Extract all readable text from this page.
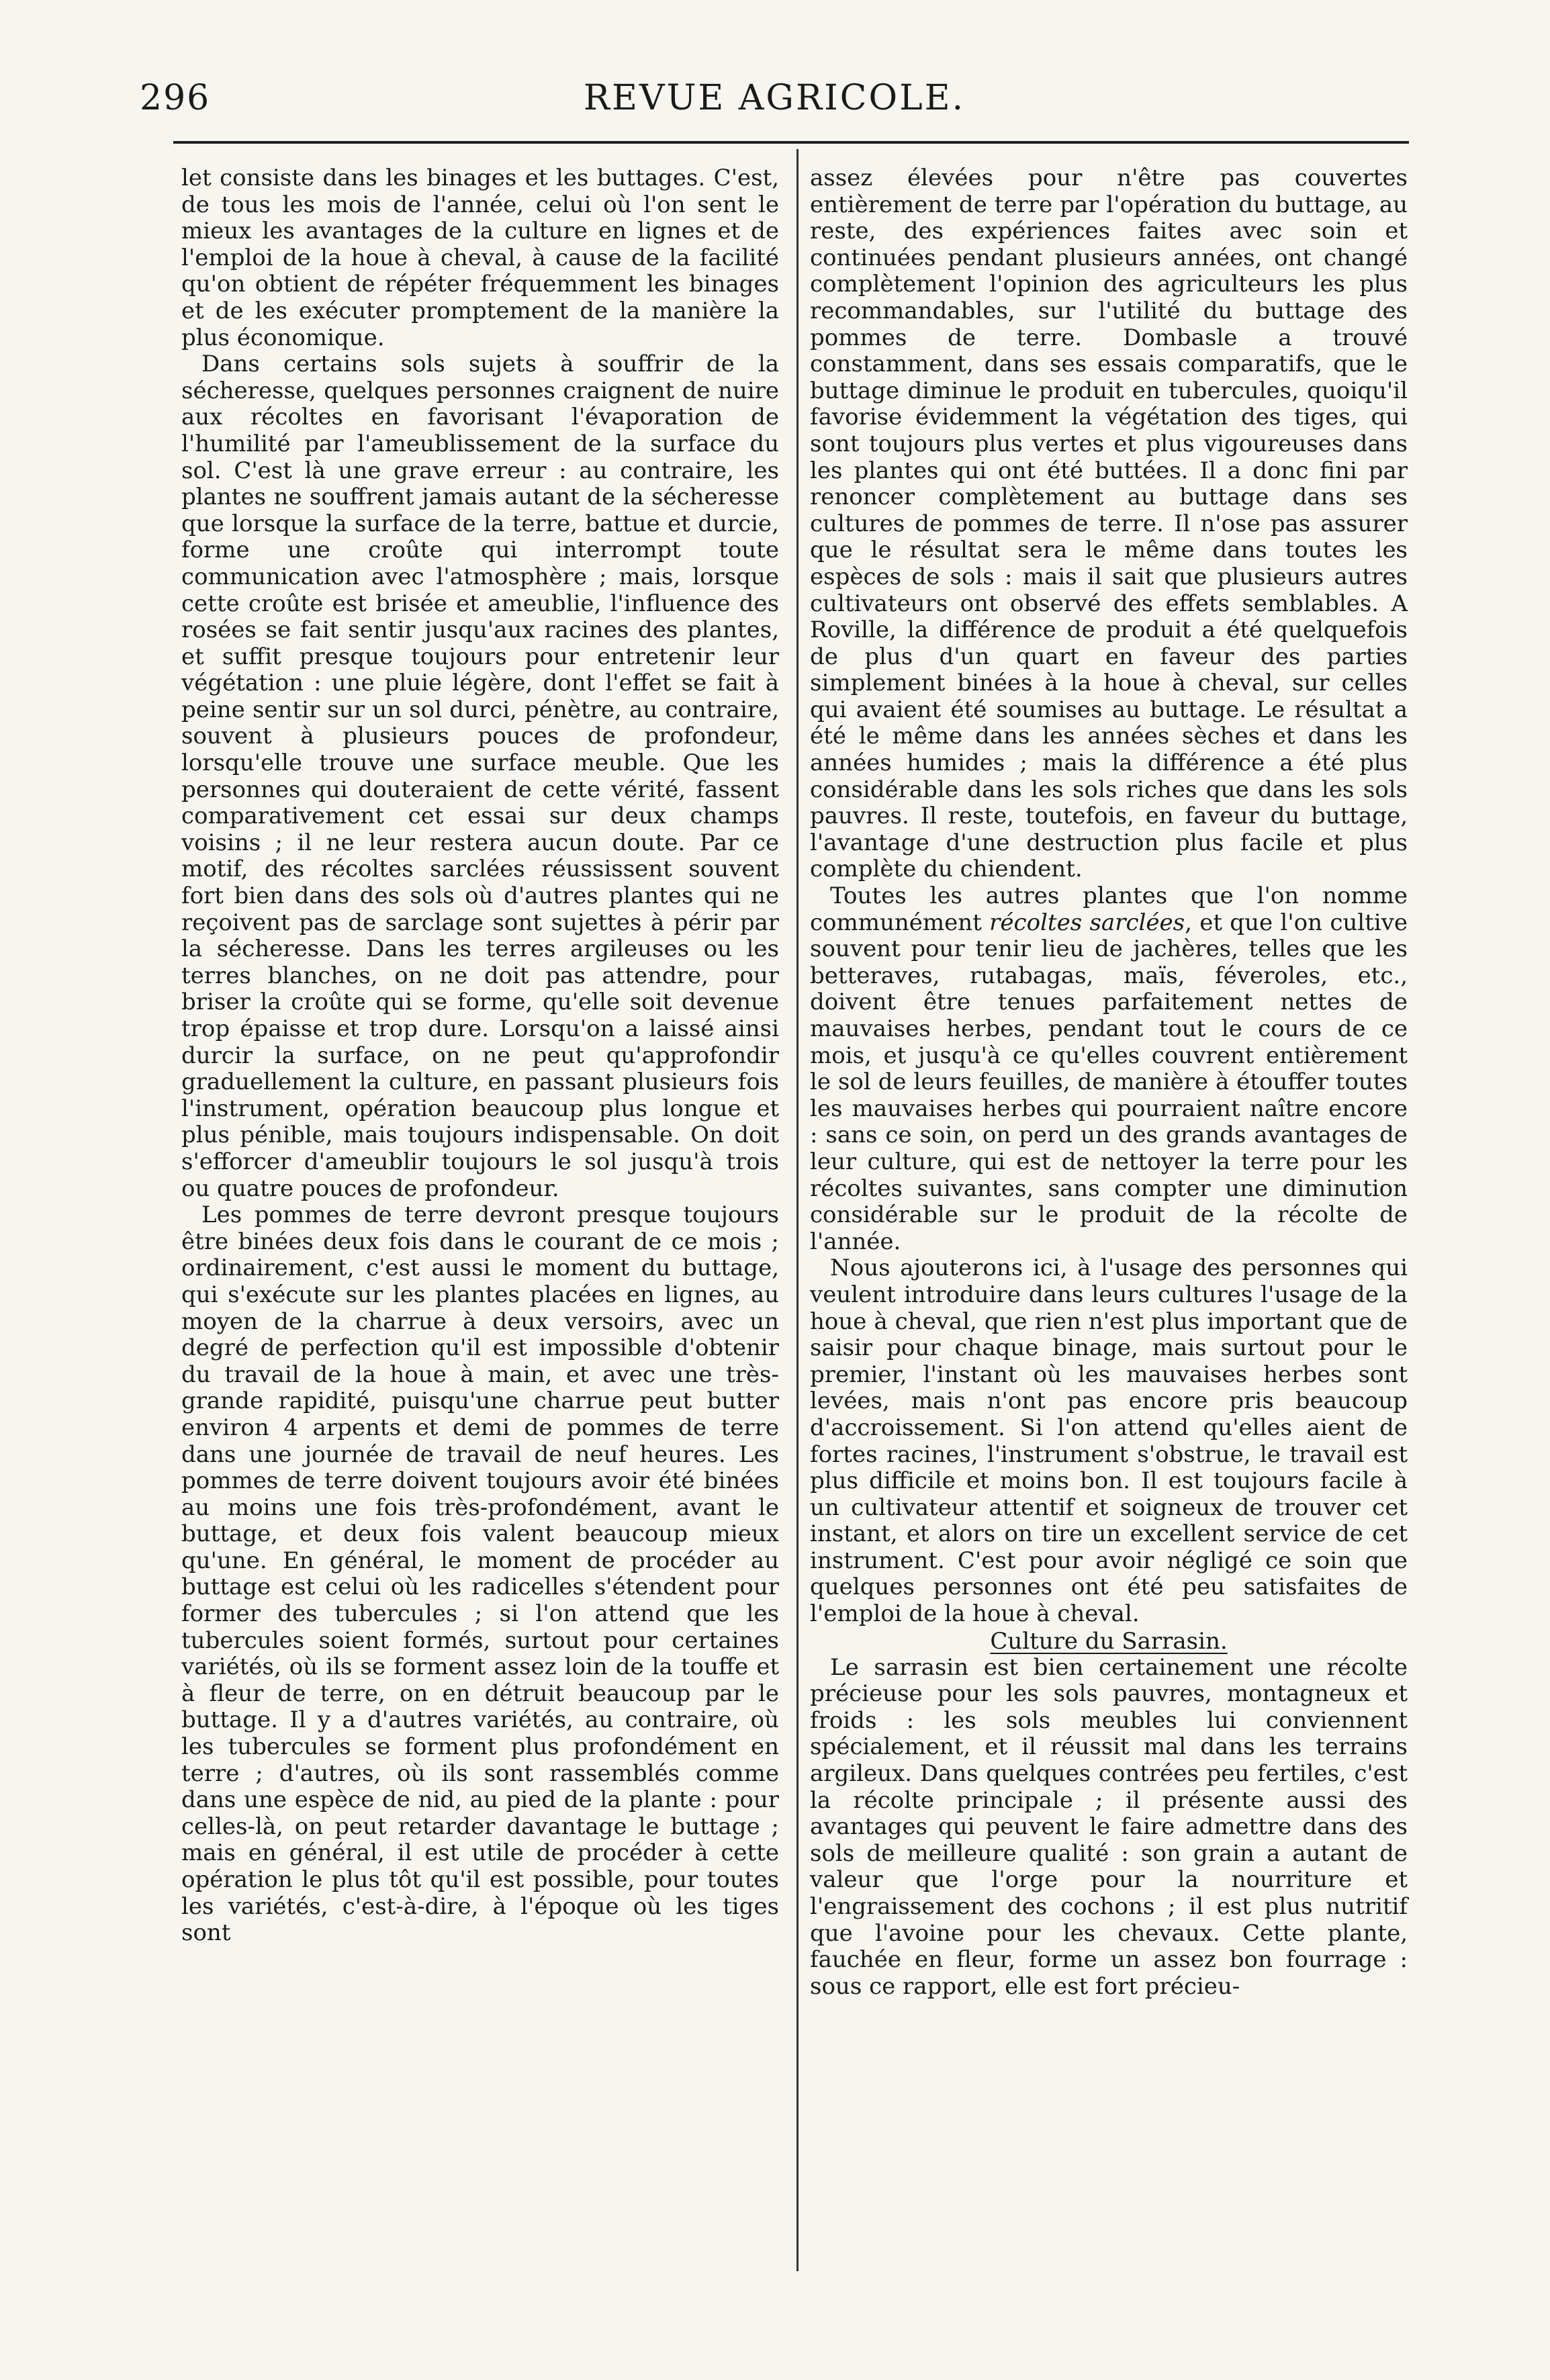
296	REVUE AGRICOLE.

let consiste dans les binages et les buttages. C'est, de tous les mois de l'année, celui où l'on sent le mieux les avantages de la culture en lignes et de l'emploi de la houe à cheval, à cause de la facilité qu'on obtient de répéter fréquemment les binages et de les exécuter promptement de la manière la plus économique.

Dans certains sols sujets à souffrir de la sécheresse, quelques personnes craignent de nuire aux récoltes en favorisant l'évaporation de l'humilité par l'ameublissement de la surface du sol. C'est là une grave erreur : au contraire, les plantes ne souffrent jamais autant de la sécheresse que lorsque la surface de la terre, battue et durcie, forme une croûte qui interrompt toute communication avec l'atmosphère ; mais, lorsque cette croûte est brisée et ameublie, l'influence des rosées se fait sentir jusqu'aux racines des plantes, et suffit presque toujours pour entretenir leur végétation : une pluie légère, dont l'effet se fait à peine sentir sur un sol durci, pénètre, au contraire, souvent à plusieurs pouces de profondeur, lorsqu'elle trouve une surface meuble. Que les personnes qui douteraient de cette vérité, fassent comparativement cet essai sur deux champs voisins ; il ne leur restera aucun doute. Par ce motif, des récoltes sarclées réussissent souvent fort bien dans des sols où d'autres plantes qui ne reçoivent pas de sarclage sont sujettes à périr par la sécheresse. Dans les terres argileuses ou les terres blanches, on ne doit pas attendre, pour briser la croûte qui se forme, qu'elle soit devenue trop épaisse et trop dure. Lorsqu'on a laissé ainsi durcir la surface, on ne peut qu'approfondir graduellement la culture, en passant plusieurs fois l'instrument, opération beaucoup plus longue et plus pénible, mais toujours indispensable. On doit s'efforcer d'ameublir toujours le sol jusqu'à trois ou quatre pouces de profondeur.

Les pommes de terre devront presque toujours être binées deux fois dans le courant de ce mois ; ordinairement, c'est aussi le moment du buttage, qui s'exécute sur les plantes placées en lignes, au moyen de la charrue à deux versoirs, avec un degré de perfection qu'il est impossible d'obtenir du travail de la houe à main, et avec une très-grande rapidité, puisqu'une charrue peut butter environ 4 arpents et demi de pommes de terre dans une journée de travail de neuf heures. Les pommes de terre doivent toujours avoir été binées au moins une fois très-profondément, avant le buttage, et deux fois valent beaucoup mieux qu'une. En général, le moment de procéder au buttage est celui où les radicelles s'étendent pour former des tubercules ; si l'on attend que les tubercules soient formés, surtout pour certaines variétés, où ils se forment assez loin de la touffe et à fleur de terre, on en détruit beaucoup par le buttage. Il y a d'autres variétés, au contraire, où les tubercules se forment plus profondément en terre ; d'autres, où ils sont rassemblés comme dans une espèce de nid, au pied de la plante : pour celles-là, on peut retarder davantage le buttage ; mais en général, il est utile de procéder à cette opération le plus tôt qu'il est possible, pour toutes les variétés, c'est-à-dire, à l'époque où les tiges sont

assez élevées pour n'être pas couvertes entièrement de terre par l'opération du buttage, au reste, des expériences faites avec soin et continuées pendant plusieurs années, ont changé complètement l'opinion des agriculteurs les plus recommandables, sur l'utilité du buttage des pommes de terre. Dombasle a trouvé constamment, dans ses essais comparatifs, que le buttage diminue le produit en tubercules, quoiqu'il favorise évidemment la végétation des tiges, qui sont toujours plus vertes et plus vigoureuses dans les plantes qui ont été buttées. Il a donc fini par renoncer complètement au buttage dans ses cultures de pommes de terre. Il n'ose pas assurer que le résultat sera le même dans toutes les espèces de sols : mais il sait que plusieurs autres cultivateurs ont observé des effets semblables. A Roville, la différence de produit a été quelquefois de plus d'un quart en faveur des parties simplement binées à la houe à cheval, sur celles qui avaient été soumises au buttage. Le résultat a été le même dans les années sèches et dans les années humides ; mais la différence a été plus considérable dans les sols riches que dans les sols pauvres. Il reste, toutefois, en faveur du buttage, l'avantage d'une destruction plus facile et plus complète du chiendent.

Toutes les autres plantes que l'on nomme communément récoltes sarclées, et que l'on cultive souvent pour tenir lieu de jachères, telles que les betteraves, rutabagas, maïs, féveroles, etc., doivent être tenues parfaitement nettes de mauvaises herbes, pendant tout le cours de ce mois, et jusqu'à ce qu'elles couvrent entièrement le sol de leurs feuilles, de manière à étouffer toutes les mauvaises herbes qui pourraient naître encore : sans ce soin, on perd un des grands avantages de leur culture, qui est de nettoyer la terre pour les récoltes suivantes, sans compter une diminution considérable sur le produit de la récolte de l'année.

Nous ajouterons ici, à l'usage des personnes qui veulent introduire dans leurs cultures l'usage de la houe à cheval, que rien n'est plus important que de saisir pour chaque binage, mais surtout pour le premier, l'instant où les mauvaises herbes sont levées, mais n'ont pas encore pris beaucoup d'accroissement. Si l'on attend qu'elles aient de fortes racines, l'instrument s'obstrue, le travail est plus difficile et moins bon. Il est toujours facile à un cultivateur attentif et soigneux de trouver cet instant, et alors on tire un excellent service de cet instrument. C'est pour avoir négligé ce soin que quelques personnes ont été peu satisfaites de l'emploi de la houe à cheval.

Culture du Sarrasin.

Le sarrasin est bien certainement une récolte précieuse pour les sols pauvres, montagneux et froids : les sols meubles lui conviennent spécialement, et il réussit mal dans les terrains argileux. Dans quelques contrées peu fertiles, c'est la récolte principale ; il présente aussi des avantages qui peuvent le faire admettre dans des sols de meilleure qualité : son grain a autant de valeur que l'orge pour la nourriture et l'engraissement des cochons ; il est plus nutritif que l'avoine pour les chevaux. Cette plante, fauchée en fleur, forme un assez bon fourrage : sous ce rapport, elle est fort précieu-
